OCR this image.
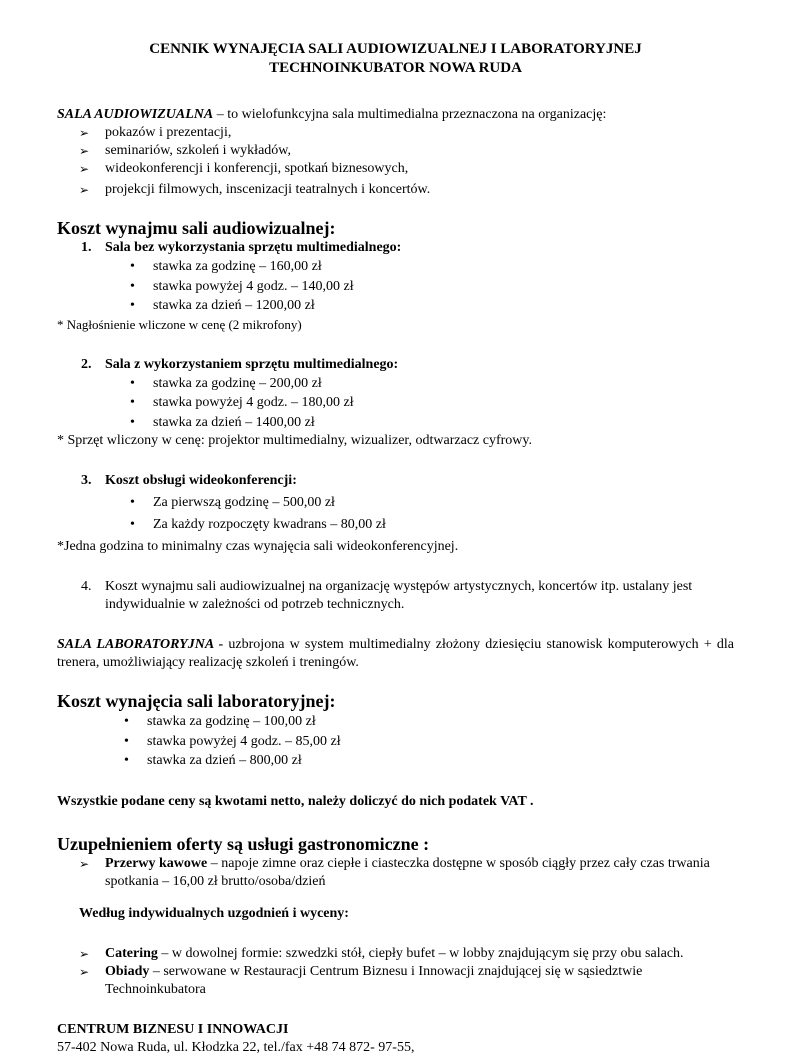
CENNIK WYNAJĘCIA SALI AUDIOWIZUALNEJ I LABORATORYJNEJ
TECHNOINKUBATOR NOWA RUDA
SALA AUDIOWIZUALNA – to wielofunkcyjna sala multimedialna przeznaczona na organizację:
➢ pokazów i prezentacji,
➢ seminariów, szkoleń i wykładów,
➢ wideokonferencji i konferencji, spotkań biznesowych,
➢ projekcji filmowych, inscenizacji teatralnych i koncertów.
Koszt wynajmu sali audiowizualnej:
1. Sala bez wykorzystania sprzętu multimedialnego:
• stawka za godzinę – 160,00 zł
• stawka powyżej 4 godz. – 140,00 zł
• stawka za dzień – 1200,00 zł
* Nagłośnienie wliczone w cenę (2 mikrofony)
2. Sala z wykorzystaniem sprzętu multimedialnego:
• stawka za godzinę – 200,00 zł
• stawka powyżej 4 godz. – 180,00 zł
• stawka za dzień – 1400,00 zł
* Sprzęt wliczony w cenę: projektor multimedialny, wizualizer, odtwarzacz cyfrowy.
3. Koszt obsługi wideokonferencji:
• Za pierwszą godzinę – 500,00 zł
• Za każdy rozpoczęty kwadrans – 80,00 zł
*Jedna godzina to minimalny czas wynajęcia sali wideokonferencyjnej.
4. Koszt wynajmu sali audiowizualnej na organizację występów artystycznych, koncertów itp. ustalany jest indywidualnie w zależności od potrzeb technicznych.
SALA LABORATORYJNA - uzbrojona w system multimedialny złożony dziesięciu stanowisk komputerowych + dla trenera, umożliwiający realizację szkoleń i treningów.
Koszt wynajęcia sali laboratoryjnej:
• stawka za godzinę – 100,00 zł
• stawka powyżej 4 godz. – 85,00 zł
• stawka za dzień – 800,00 zł
Wszystkie podane ceny są kwotami netto, należy doliczyć do nich podatek VAT .
Uzupełnieniem oferty są usługi gastronomiczne :
➢ Przerwy kawowe – napoje zimne oraz ciepłe i ciasteczka dostępne w sposób ciągły przez cały czas trwania spotkania – 16,00 zł brutto/osoba/dzień
Według indywidualnych uzgodnień i wyceny:
➢ Catering – w dowolnej formie: szwedzki stół, ciepły bufet – w lobby znajdującym się przy obu salach.
➢ Obiady – serwowane w Restauracji Centrum Biznesu i Innowacji znajdującej się w sąsiedztwie Technoinkubatora
CENTRUM BIZNESU I INNOWACJI
57-402 Nowa Ruda, ul. Kłodzka 22, tel./fax +48 74 872- 97-55,
